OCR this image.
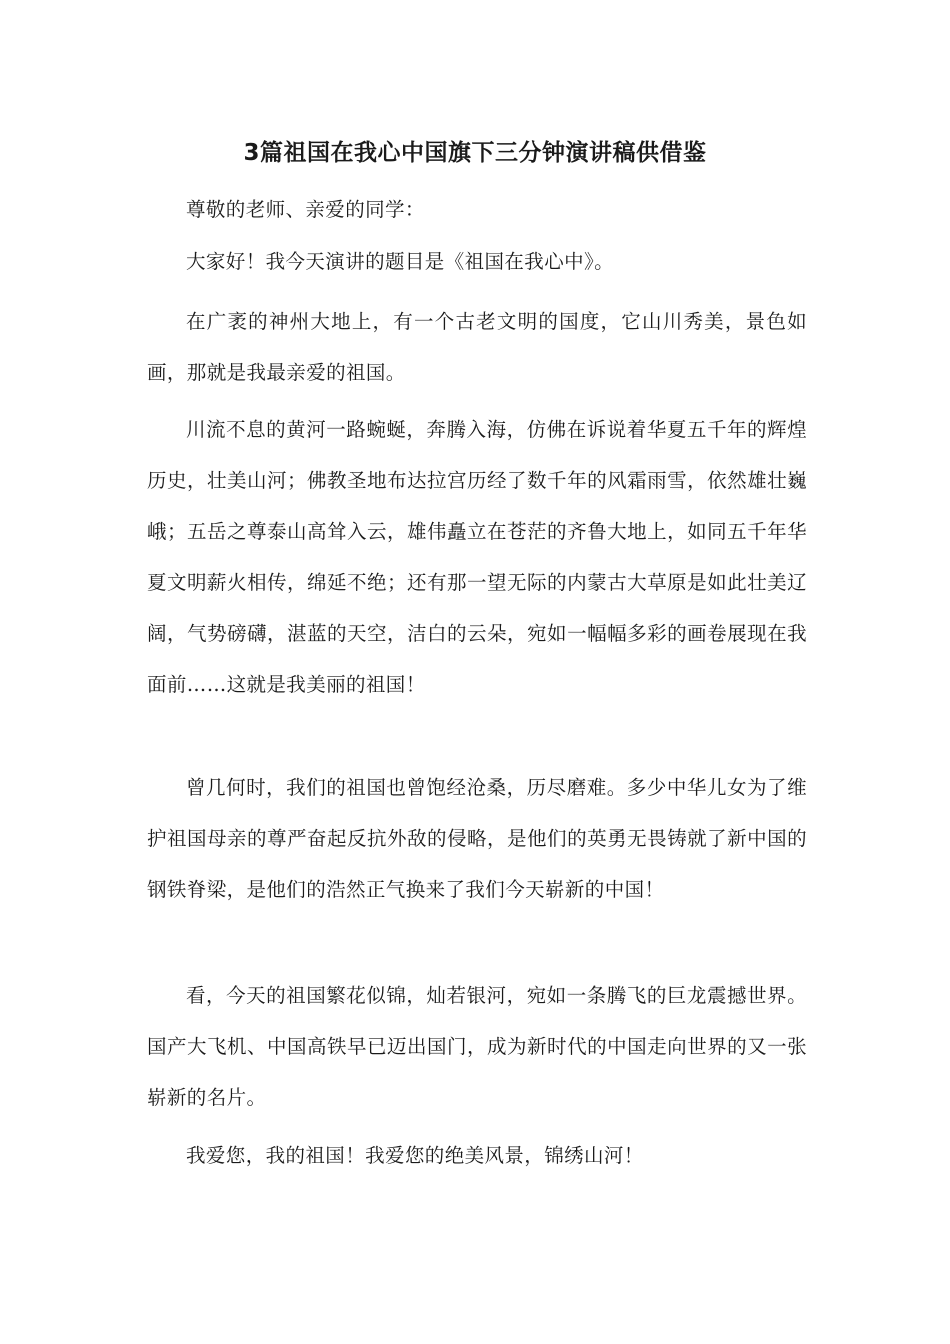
3篇祖国在我心中国旗下三分钟演讲稿供借鉴

尊敬的老师、亲爱的同学：

大家好！我今天演讲的题目是《祖国在我心中》。

在广袤的神州大地上，有一个古老文明的国度，它山川秀美，景色如画，那就是我最亲爱的祖国。

川流不息的黄河一路蜿蜒，奔腾入海，仿佛在诉说着华夏五千年的辉煌历史，壮美山河；佛教圣地布达拉宫历经了数千年的风霜雨雪，依然雄壮巍峨；五岳之尊泰山高耸入云，雄伟矗立在苍茫的齐鲁大地上，如同五千年华夏文明薪火相传，绵延不绝；还有那一望无际的内蒙古大草原是如此壮美辽阔，气势磅礴，湛蓝的天空，洁白的云朵，宛如一幅幅多彩的画卷展现在我面前……这就是我美丽的祖国！

曾几何时，我们的祖国也曾饱经沧桑，历尽磨难。多少中华儿女为了维护祖国母亲的尊严奋起反抗外敌的侵略，是他们的英勇无畏铸就了新中国的钢铁脊梁，是他们的浩然正气换来了我们今天崭新的中国！

看，今天的祖国繁花似锦，灿若银河，宛如一条腾飞的巨龙震撼世界。国产大飞机、中国高铁早已迈出国门，成为新时代的中国走向世界的又一张崭新的名片。

我爱您，我的祖国！我爱您的绝美风景，锦绣山河！
